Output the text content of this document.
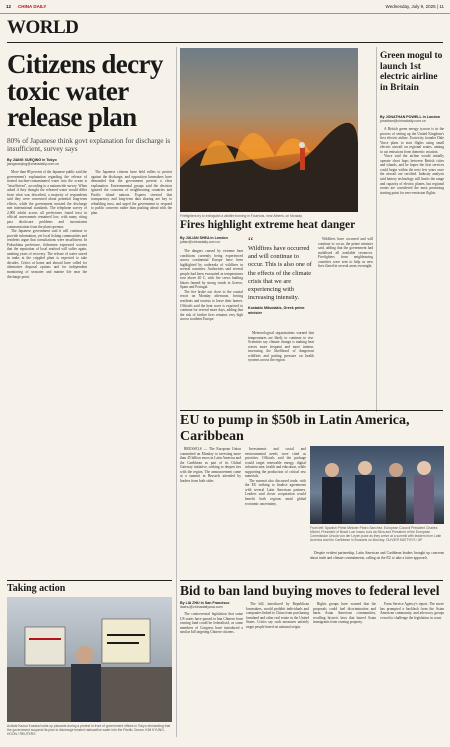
12 CHINA DAILY	Wednesday, July 9, 2025 | 11
WORLD
Citizens decry toxic water release plan
80% of Japanese think govt explanation for discharge is insufficient, survey says
By JIANG XUEQING in Tokyo
jiangxueqing@chinadaily.com.cn

More than 80 percent of the Japanese public said the government's explanation regarding the release of treated nuclear-contaminated water into the ocean is "insufficient", according to a nationwide survey. When asked if they thought the released water would differ from what was described, a majority of respondents said they were concerned about potential long-term effects, while the government insisted the discharge met international standards. The telephone survey of 2,000 adults across all prefectures found trust in official assessments remained low, with many citing past disclosure problems and inconsistent communication from the plant operator.

The Japanese government said it will continue to provide information, yet local fishing communities and residents argue that consultations were insufficient. In Fukushima prefecture, fishermen expressed worries that the reputation of local seafood will suffer again, undoing years of recovery. The release of water stored in tanks at the crippled plant is expected to take decades. Critics at home and abroad have called for alternative disposal options and for independent monitoring of seawater and marine life near the discharge point.

The Japanese citizens have held rallies to protest against the discharge, and opposition lawmakers have demanded that the government present a clear explanation. Environmental groups said the decision ignored the concerns of neighbouring countries and Pacific island nations. Experts stressed that transparency and long-term data sharing are key to rebuilding trust, and urged the government to respond to public concerns rather than pushing ahead with the plan.

Taking action
Activist Kazuo Kosaka holds up placards during a protest in front of government offices in Tokyo demanding that the government suspend its plan to discharge treated radioactive water into the Pacific Ocean. KIM KYUNG-HOON / REUTERS
Firefighters try to extinguish a wildfire burning in Fourniols, near Athens, on Monday.
Fires highlight extreme heat danger
By JULIAN SHEA in London
julian@chinadaily.com.cn

The dangers caused by extreme heat conditions currently being experienced across continental Europe have been highlighted by outbreaks of wildfires in several countries. Authorities said several people had been evacuated as temperatures rose above 40 C, with fire crews battling blazes fanned by strong winds in Greece, Spain and Portugal.

The fire broke out close to the coastal resort on Monday afternoon, forcing residents and tourists to leave their homes. Officials said the heat wave is expected to continue for several more days, adding that the risk of further fires remains very high across southern Europe.

“
Wildfires have occurred and will continue to occur. This is also one of the effects of the climate crisis that we are experiencing with increasing intensity.
Kostakis Mitsotakis, Greek prime minister

Meteorological organisations warned that temperatures are likely to continue to rise. Scientists say climate change is making heat waves more frequent and more intense, increasing the likelihood of dangerous wildfires and putting pressure on health systems across the region.

Wildfires have occurred and will continue to occur, the prime minister said, adding that the government had mobilised all available resources. Firefighters from neighbouring countries were sent to help as new fires flared in several areas overnight.

Green mogul to launch 1st electric airline in Britain
By JONATHAN POWELL in London
jonathan@chinadaily.com.cn

A British green energy tycoon is in the process of setting up the United Kingdom's first electric airline. Ecotricity founder Dale Vince plans to start flights using small electric aircraft on regional routes, aiming to cut emissions from domestic aviation.

Vince said the airline would initially operate short hops between British cities and islands, and he hopes the first services could begin within the next few years once the aircraft are certified. Industry analysts said battery technology still limits the range and capacity of electric planes, but regional routes are considered the most promising starting point for zero-emission flights.

EU to pump in $50b in Latin America, Caribbean

BRUSSELS — The European Union committed on Monday to investing more than 45 billion euros in Latin America and the Caribbean as part of its Global Gateway initiative, seeking to deepen ties with the region. The announcement came at a summit in Brussels attended by leaders from both sides.

Investments and social and environmental needs were cited as priorities. Officials said the package would target renewable energy, digital infrastructure, health and education, while supporting the production of critical raw materials.

The summit also discussed trade, with the EU seeking to finalise agreements with several Latin American partners. Leaders said closer cooperation would benefit both regions amid global economic uncertainty.

From left: Spanish Prime Minister Pedro Sanchez, European Council President Charles Michel, President of Brazil Luiz Inacio Lula da Silva and President of the European Commission Ursula von der Leyen pose as they arrive at a summit with leaders from Latin America and the Caribbean in Brussels on Monday. OLIVIER MATTHYS / AP

Despite evident partnership, Latin American and Caribbean leaders brought up concerns about trade and climate commitments, calling on the EU to take a fairer approach.

Bid to ban land buying moves to federal level
By LIA ZHU in San Francisco
liazhu@chinadailyusa.com

The controversial legislation that some US states have passed to ban Chinese from owning land could be federalised, as some members of Congress have introduced a similar bill targeting Chinese citizens.

The bill, introduced by Republican lawmakers, would prohibit individuals and companies linked to China from purchasing farmland and other real estate in the United States. Critics say such measures unfairly target people based on national origin.

Rights groups have warned that the proposals could fuel discrimination and harm Asian American communities, recalling historic laws that barred Asian immigrants from owning property.

Farm Service Agency's report. The move has prompted a backlash from the Asian American community, and advocacy groups vowed to challenge the legislation in court.
